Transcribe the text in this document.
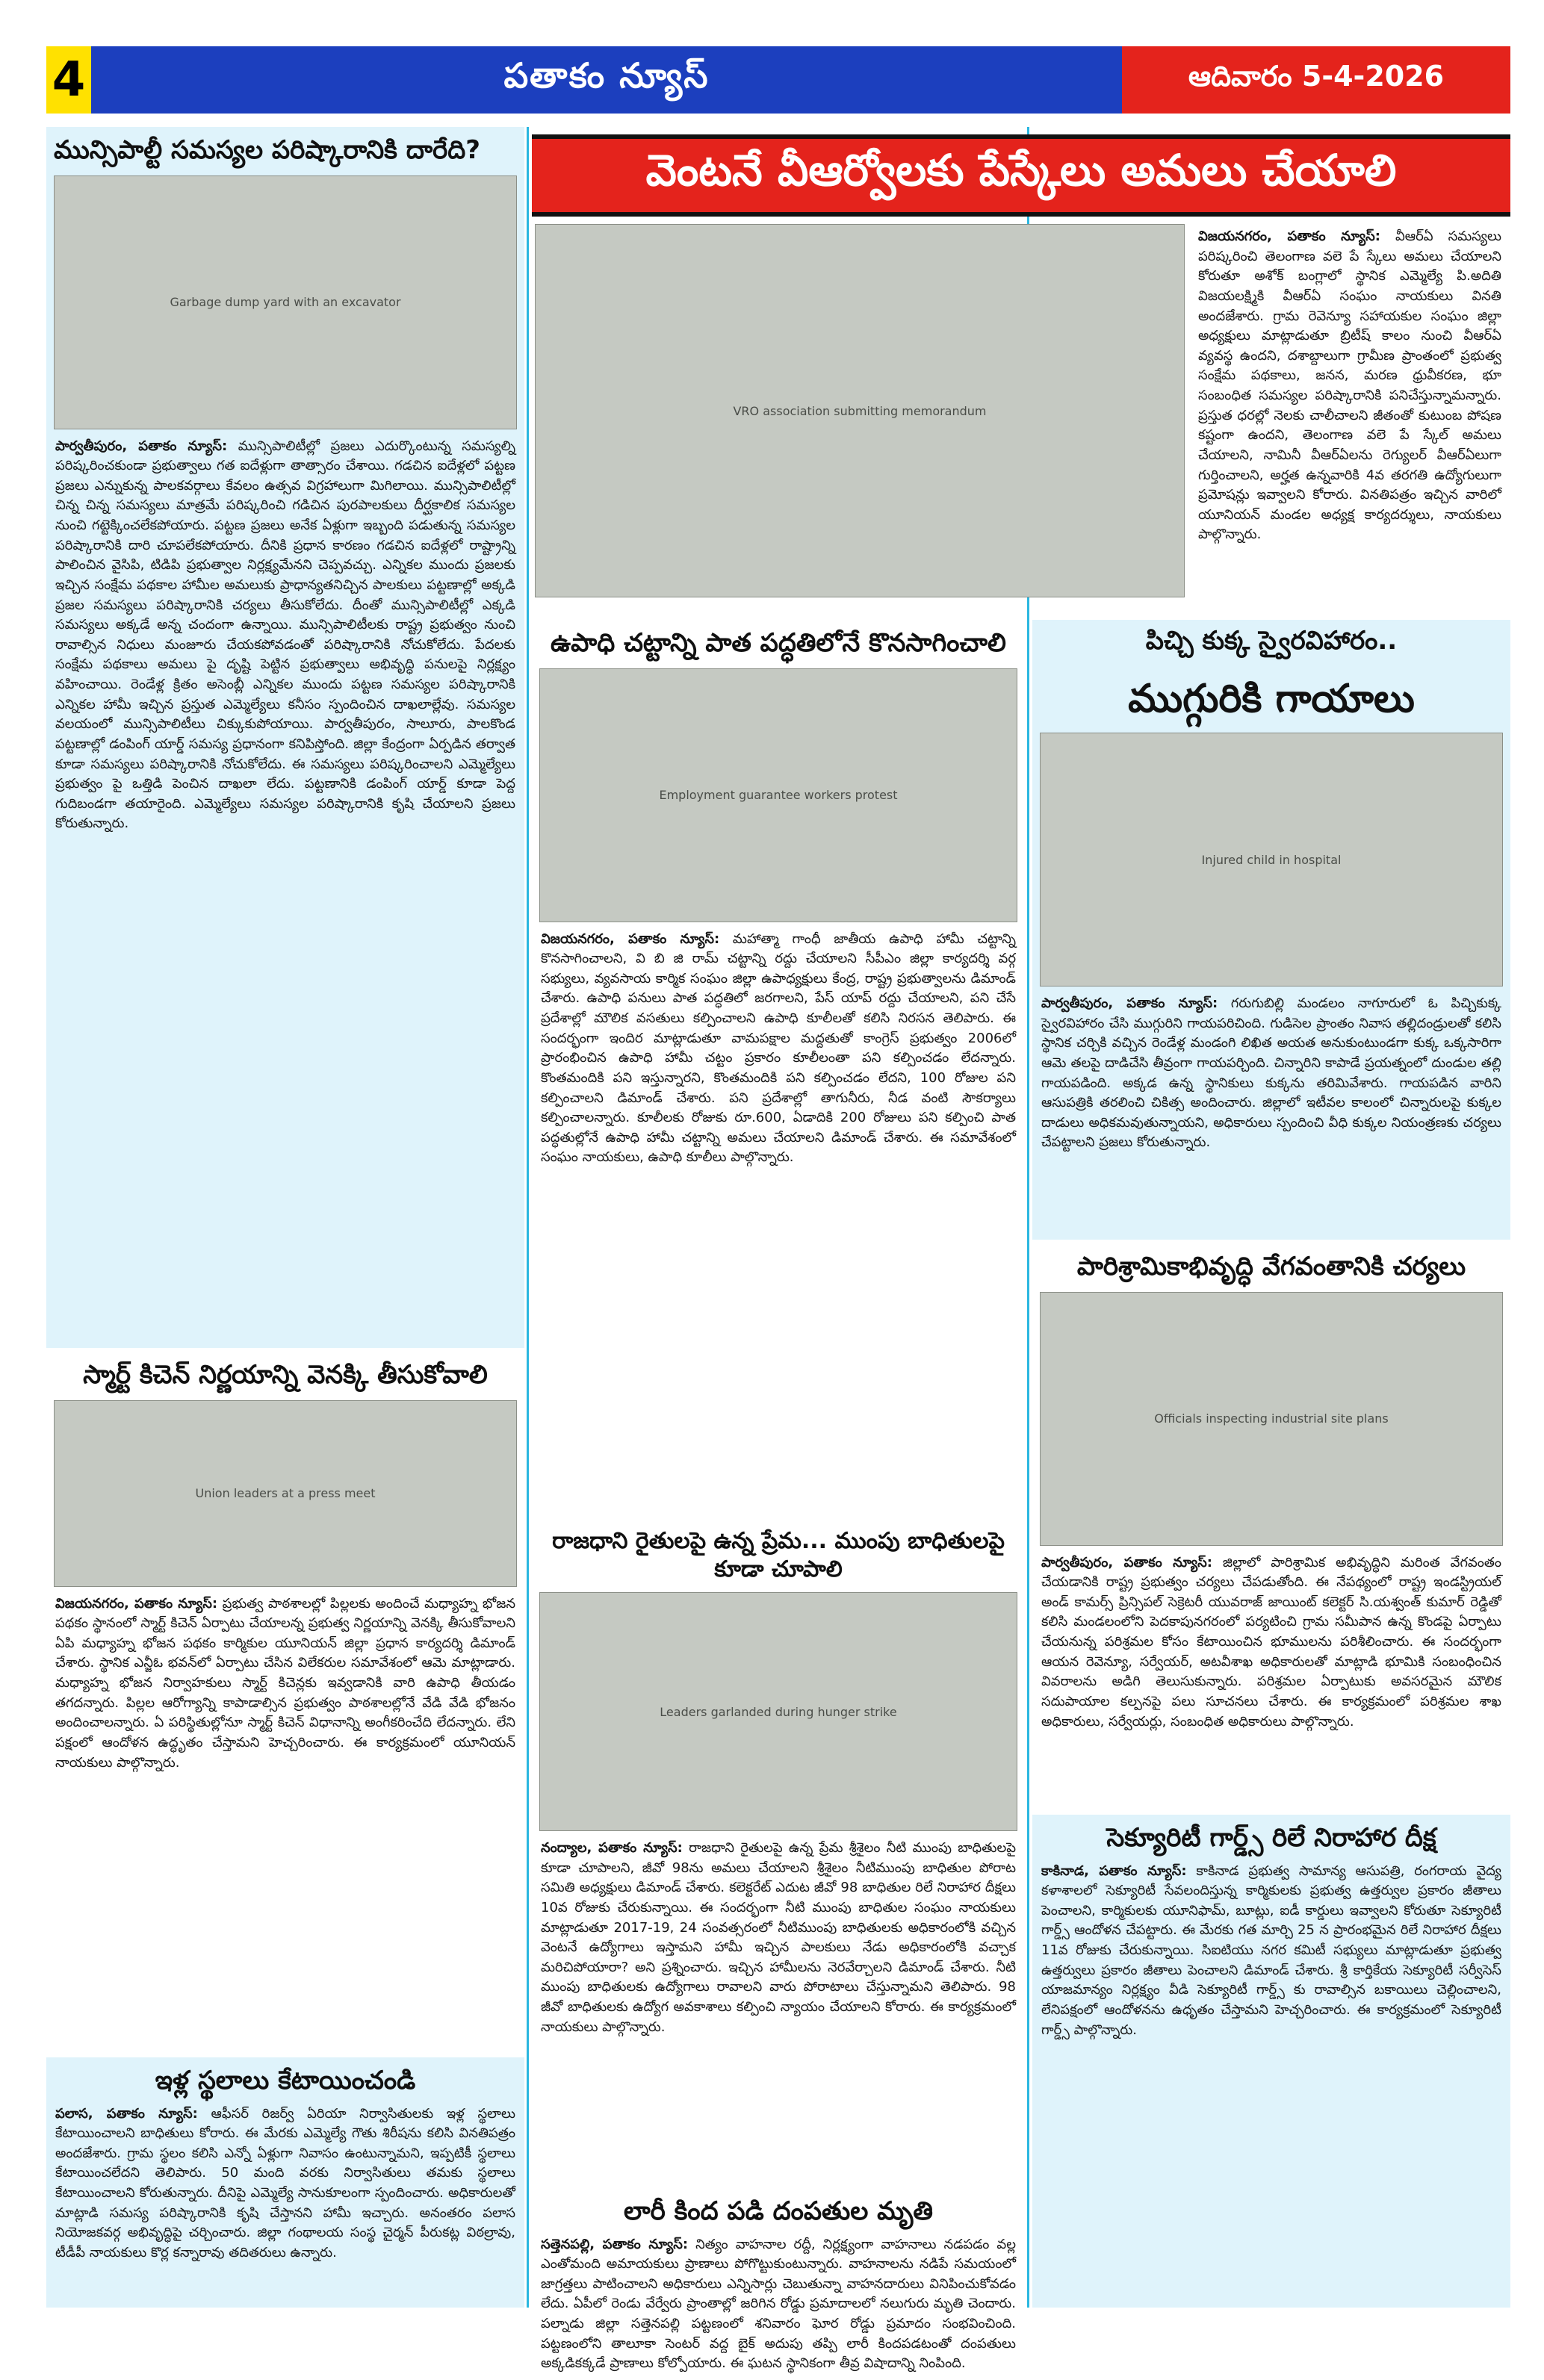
4	పతాకం న్యూస్	ఆదివారం 5-4-2026
మున్సిపాల్టీ సమస్యల పరిష్కారానికి దారేది?
Garbage dump yard with an excavator
పార్వతీపురం, పతాకం న్యూస్: మున్సిపాలిటీల్లో ప్రజలు ఎదుర్కొంటున్న సమస్యల్ని పరిష్కరించకుండా ప్రభుత్వాలు గత ఐదేళ్లుగా తాత్సారం చేశాయి. గడచిన ఐదేళ్లలో పట్టణ ప్రజలు ఎన్నుకున్న పాలకవర్గాలు కేవలం ఉత్సవ విగ్రహాలుగా మిగిలాయి. మున్సిపాలిటీల్లో చిన్న చిన్న సమస్యలు మాత్రమే పరిష్కరించి గడిచిన పురపాలకులు దీర్ఘకాలిక సమస్యల నుంచి గట్టెక్కించలేకపోయారు. పట్టణ ప్రజలు అనేక ఏళ్లుగా ఇబ్బంది పడుతున్న సమస్యల పరిష్కారానికి దారి చూపలేకపోయారు. దీనికి ప్రధాన కారణం గడచిన ఐదేళ్లలో రాష్ట్రాన్ని పాలించిన వైసిపి, టిడిపి ప్రభుత్వాల నిర్లక్ష్యమేనని చెప్పవచ్చు. ఎన్నికల ముందు ప్రజలకు ఇచ్చిన సంక్షేమ పథకాల హామీల అమలుకు ప్రాధాన్యతనిచ్చిన పాలకులు పట్టణాల్లో అక్కడి ప్రజల సమస్యలు పరిష్కారానికి చర్యలు తీసుకోలేదు. దీంతో మున్సిపాలిటీల్లో ఎక్కడి సమస్యలు అక్కడే అన్న చందంగా ఉన్నాయి. మున్సిపాలిటీలకు రాష్ట్ర ప్రభుత్వం నుంచి రావాల్సిన నిధులు మంజూరు చేయకపోవడంతో పరిష్కారానికి నోచుకోలేదు. పేదలకు సంక్షేమ పథకాలు అమలు పై దృష్టి పెట్టిన ప్రభుత్వాలు అభివృద్ధి పనులపై నిర్లక్ష్యం వహించాయి. రెండేళ్ల క్రితం అసెంబ్లీ ఎన్నికల ముందు పట్టణ సమస్యల పరిష్కారానికి ఎన్నికల హామీ ఇచ్చిన ప్రస్తుత ఎమ్మెల్యేలు కనీసం స్పందించిన దాఖలాల్లేవు. సమస్యల వలయంలో మున్సిపాలిటీలు చిక్కుకుపోయాయి. పార్వతీపురం, సాలూరు, పాలకొండ పట్టణాల్లో డంపింగ్ యార్డ్ సమస్య ప్రధానంగా కనిపిస్తోంది. జిల్లా కేంద్రంగా ఏర్పడిన తర్వాత కూడా సమస్యలు పరిష్కారానికి నోచుకోలేదు. ఈ సమస్యలు పరిష్కరించాలని ఎమ్మెల్యేలు ప్రభుత్వం పై ఒత్తిడి పెంచిన దాఖలా లేదు. పట్టణానికి డంపింగ్ యార్డ్ కూడా పెద్ద గుదిబండగా తయారైంది. ఎమ్మెల్యేలు సమస్యల పరిష్కారానికి కృషి చేయాలని ప్రజలు కోరుతున్నారు.
స్మార్ట్ కిచెన్ నిర్ణయాన్ని వెనక్కి తీసుకోవాలి
Union leaders at a press meet
విజయనగరం, పతాకం న్యూస్: ప్రభుత్వ పాఠశాలల్లో పిల్లలకు అందించే మధ్యాహ్న భోజన పథకం స్థానంలో స్మార్ట్ కిచెన్ ఏర్పాటు చేయాలన్న ప్రభుత్వ నిర్ణయాన్ని వెనక్కి తీసుకోవాలని ఏపి మధ్యాహ్న భోజన పథకం కార్మికుల యూనియన్ జిల్లా ప్రధాన కార్యదర్శి డిమాండ్ చేశారు. స్థానిక ఎన్జీఓ భవన్‌లో ఏర్పాటు చేసిన విలేకరుల సమావేశంలో ఆమె మాట్లాడారు. మధ్యాహ్న భోజన నిర్వాహకులు స్మార్ట్ కిచెన్లకు ఇవ్వడానికి వారి ఉపాధి తీయడం తగదన్నారు. పిల్లల ఆరోగ్యాన్ని కాపాడాల్సిన ప్రభుత్వం పాఠశాలల్లోనే వేడి వేడి భోజనం అందించాలన్నారు. ఏ పరిస్థితుల్లోనూ స్మార్ట్ కిచెన్ విధానాన్ని అంగీకరించేది లేదన్నారు. లేని పక్షంలో ఆందోళన ఉద్ధృతం చేస్తామని హెచ్చరించారు. ఈ కార్యక్రమంలో యూనియన్ నాయకులు పాల్గొన్నారు.
ఇళ్ల స్థలాలు కేటాయించండి
పలాస, పతాకం న్యూస్: ఆఫీసర్ రిజర్వ్ ఏరియా నిర్వాసితులకు ఇళ్ల స్థలాలు కేటాయించాలని బాధితులు కోరారు. ఈ మేరకు ఎమ్మెల్యే గౌతు శిరీషను కలిసి వినతిపత్రం అందజేశారు. గ్రామ స్థలం కలిసి ఎన్నో ఏళ్లుగా నివాసం ఉంటున్నామని, ఇప్పటికీ స్థలాలు కేటాయించలేదని తెలిపారు. 50 మంది వరకు నిర్వాసితులు తమకు స్థలాలు కేటాయించాలని కోరుతున్నారు. దీనిపై ఎమ్మెల్యే సానుకూలంగా స్పందించారు. అధికారులతో మాట్లాడి సమస్య పరిష్కారానికి కృషి చేస్తానని హామీ ఇచ్చారు. అనంతరం పలాస నియోజకవర్గ అభివృద్ధిపై చర్చించారు. జిల్లా గంథాలయ సంస్థ చైర్మన్ పీరుకట్ల విఠల్రావు, టీడీపీ నాయకులు కొర్ల కన్నారావు తదితరులు ఉన్నారు.
వెంటనే వీఆర్వోలకు పేస్కేలు అమలు చేయాలి
VRO association submitting memorandum
విజయనగరం, పతాకం న్యూస్: వీఆర్ఏ సమస్యలు పరిష్కరించి తెలంగాణ వలె పే స్కేలు అమలు చేయాలని కోరుతూ అశోక్ బంగ్లాలో స్థానిక ఎమ్మెల్యే పి.అదితి విజయలక్ష్మికి వీఆర్ఏ సంఘం నాయకులు వినతి అందజేశారు. గ్రామ రెవెన్యూ సహాయకుల సంఘం జిల్లా అధ్యక్షులు మాట్లాడుతూ బ్రిటీష్ కాలం నుంచి వీఆర్ఏ వ్యవస్థ ఉందని, దశాబ్దాలుగా గ్రామీణ ప్రాంతంలో ప్రభుత్వ సంక్షేమ పథకాలు, జనన, మరణ ధ్రువీకరణ, భూ సంబంధిత సమస్యల పరిష్కారానికి పనిచేస్తున్నామన్నారు. ప్రస్తుత ధరల్లో నెలకు చాలీచాలని జీతంతో కుటుంబ పోషణ కష్టంగా ఉందని, తెలంగాణ వలె పే స్కేల్ అమలు చేయాలని, నామినీ వీఆర్ఏలను రెగ్యులర్ వీఆర్ఏలుగా గుర్తించాలని, అర్హత ఉన్నవారికి 4వ తరగతి ఉద్యోగులుగా ప్రమోషన్లు ఇవ్వాలని కోరారు. వినతిపత్రం ఇచ్చిన వారిలో యూనియన్ మండల అధ్యక్ష కార్యదర్శులు, నాయకులు పాల్గొన్నారు.
ఉపాధి చట్టాన్ని పాత పద్ధతిలోనే కొనసాగించాలి
Employment guarantee workers protest
విజయనగరం, పతాకం న్యూస్: మహాత్మా గాంధీ జాతీయ ఉపాధి హామీ చట్టాన్ని కొనసాగించాలని, వి బి జి రామ్ చట్టాన్ని రద్దు చేయాలని సీపీఎం జిల్లా కార్యదర్శి వర్గ సభ్యులు, వ్యవసాయ కార్మిక సంఘం జిల్లా ఉపాధ్యక్షులు కేంద్ర, రాష్ట్ర ప్రభుత్వాలను డిమాండ్ చేశారు. ఉపాధి పనులు పాత పద్ధతిలో జరగాలని, పేస్ యాప్ రద్దు చేయాలని, పని చేసే ప్రదేశాల్లో మౌలిక వసతులు కల్పించాలని ఉపాధి కూలీలతో కలిసి నిరసన తెలిపారు. ఈ సందర్భంగా ఇందిర మాట్లాడుతూ వామపక్షాల మద్దతుతో కాంగ్రెస్ ప్రభుత్వం 2006లో ప్రారంభించిన ఉపాధి హామీ చట్టం ప్రకారం కూలీలంతా పని కల్పించడం లేదన్నారు. కొంతమందికి పని ఇస్తున్నారని, కొంతమందికి పని కల్పించడం లేదని, 100 రోజుల పని కల్పించాలని డిమాండ్ చేశారు. పని ప్రదేశాల్లో తాగునీరు, నీడ వంటి సౌకర్యాలు కల్పించాలన్నారు. కూలీలకు రోజుకు రూ.600, ఏడాదికి 200 రోజులు పని కల్పించి పాత పద్ధతుల్లోనే ఉపాధి హామీ చట్టాన్ని అమలు చేయాలని డిమాండ్ చేశారు. ఈ సమావేశంలో సంఘం నాయకులు, ఉపాధి కూలీలు పాల్గొన్నారు.
రాజధాని రైతులపై ఉన్న ప్రేమ... ముంపు బాధితులపై కూడా చూపాలి
Leaders garlanded during hunger strike
నంద్యాల, పతాకం న్యూస్: రాజధాని రైతులపై ఉన్న ప్రేమ శ్రీశైలం నీటి ముంపు బాధితులపై కూడా చూపాలని, జీవో 98ను అమలు చేయాలని శ్రీశైలం నీటిముంపు బాధితుల పోరాట సమితి అధ్యక్షులు డిమాండ్ చేశారు. కలెక్టరేట్ ఎదుట జీవో 98 బాధితుల రిలే నిరాహార దీక్షలు 10వ రోజుకు చేరుకున్నాయి. ఈ సందర్భంగా నీటి ముంపు బాధితుల సంఘం నాయకులు మాట్లాడుతూ 2017-19, 24 సంవత్సరంలో నీటిముంపు బాధితులకు అధికారంలోకి వచ్చిన వెంటనే ఉద్యోగాలు ఇస్తామని హామీ ఇచ్చిన పాలకులు నేడు అధికారంలోకి వచ్చాక మరిచిపోయారా? అని ప్రశ్నించారు. ఇచ్చిన హామీలను నెరవేర్చాలని డిమాండ్ చేశారు. నీటి ముంపు బాధితులకు ఉద్యోగాలు రావాలని వారు పోరాటాలు చేస్తున్నామని తెలిపారు. 98 జీవో బాధితులకు ఉద్యోగ అవకాశాలు కల్పించి న్యాయం చేయాలని కోరారు. ఈ కార్యక్రమంలో నాయకులు పాల్గొన్నారు.
లారీ కింద పడి దంపతుల మృతి
సత్తెనపల్లి, పతాకం న్యూస్: నిత్యం వాహనాల రద్దీ, నిర్లక్ష్యంగా వాహనాలు నడపడం వల్ల ఎంతోమంది అమాయకులు ప్రాణాలు పోగొట్టుకుంటున్నారు. వాహనాలను నడిపే సమయంలో జాగ్రత్తలు పాటించాలని అధికారులు ఎన్నిసార్లు చెబుతున్నా వాహనదారులు వినిపించుకోవడం లేదు. ఏపీలో రెండు వేర్వేరు ప్రాంతాల్లో జరిగిన రోడ్డు ప్రమాదాలలో నలుగురు మృతి చెందారు. పల్నాడు జిల్లా సత్తెనపల్లి పట్టణంలో శనివారం ఘోర రోడ్డు ప్రమాదం సంభవించింది. పట్టణంలోని తాలూకా సెంటర్ వద్ద బైక్ అదుపు తప్పి లారీ కిందపడటంతో దంపతులు అక్కడికక్కడే ప్రాణాలు కోల్పోయారు. ఈ ఘటన స్థానికంగా తీవ్ర విషాదాన్ని నింపింది.
పిచ్చి కుక్క స్వైరవిహారం..
ముగ్గురికి గాయాలు
Injured child in hospital
పార్వతీపురం, పతాకం న్యూస్: గరుగుబిల్లి మండలం నాగూరులో ఓ పిచ్చికుక్క స్వైరవిహారం చేసి ముగ్గురిని గాయపరిచింది. గుడిసెల ప్రాంతం నివాస తల్లిదండ్రులతో కలిసి స్థానిక చర్చికి వచ్చిన రెండేళ్ల మండంగి లిఖిత అయత అనుకుంటుండగా కుక్క ఒక్కసారిగా ఆమె తలపై దాడిచేసి తీవ్రంగా గాయపర్చింది. చిన్నారిని కాపాడే ప్రయత్నంలో దుండుల తల్లి గాయపడింది. అక్కడ ఉన్న స్థానికులు కుక్కను తరిమివేశారు. గాయపడిన వారిని ఆసుపత్రికి తరలించి చికిత్స అందించారు. జిల్లాలో ఇటీవల కాలంలో చిన్నారులపై కుక్కల దాడులు అధికమవుతున్నాయని, అధికారులు స్పందించి వీధి కుక్కల నియంత్రణకు చర్యలు చేపట్టాలని ప్రజలు కోరుతున్నారు.
పారిశ్రామికాభివృద్ధి వేగవంతానికి చర్యలు
Officials inspecting industrial site plans
పార్వతీపురం, పతాకం న్యూస్: జిల్లాలో పారిశ్రామిక అభివృద్ధిని మరింత వేగవంతం చేయడానికి రాష్ట్ర ప్రభుత్వం చర్యలు చేపడుతోంది. ఈ నేపథ్యంలో రాష్ట్ర ఇండస్ట్రియల్ అండ్ కామర్స్ ప్రిన్సిపల్ సెక్రెటరీ యువరాజ్ జాయింట్ కలెక్టర్ సి.యశ్వంత్ కుమార్ రెడ్డితో కలిసి మండలంలోని పెదకాపునగరంలో పర్యటించి గ్రామ సమీపాన ఉన్న కొండపై ఏర్పాటు చేయనున్న పరిశ్రమల కోసం కేటాయించిన భూములను పరిశీలించారు. ఈ సందర్భంగా ఆయన రెవెన్యూ, సర్వేయర్, అటవీశాఖ అధికారులతో మాట్లాడి భూమికి సంబంధించిన వివరాలను అడిగి తెలుసుకున్నారు. పరిశ్రమల ఏర్పాటుకు అవసరమైన మౌలిక సదుపాయాల కల్పనపై పలు సూచనలు చేశారు. ఈ కార్యక్రమంలో పరిశ్రమల శాఖ అధికారులు, సర్వేయర్లు, సంబంధిత అధికారులు పాల్గొన్నారు.
సెక్యూరిటీ గార్డ్స్ రిలే నిరాహార దీక్ష
కాకినాడ, పతాకం న్యూస్: కాకినాడ ప్రభుత్వ సామాన్య ఆసుపత్రి, రంగరాయ వైద్య కళాశాలలో సెక్యూరిటీ సేవలందిస్తున్న కార్మికులకు ప్రభుత్వ ఉత్తర్వుల ప్రకారం జీతాలు పెంచాలని, కార్మికులకు యూనిఫామ్, బూట్లు, ఐడీ కార్డులు ఇవ్వాలని కోరుతూ సెక్యూరిటీ గార్డ్స్ ఆందోళన చేపట్టారు. ఈ మేరకు గత మార్చి 25 న ప్రారంభమైన రిలే నిరాహార దీక్షలు 11వ రోజుకు చేరుకున్నాయి. సిఐటియు నగర కమిటీ సభ్యులు మాట్లాడుతూ ప్రభుత్వ ఉత్తర్వులు ప్రకారం జీతాలు పెంచాలని డిమాండ్ చేశారు. శ్రీ కార్తికేయ సెక్యూరిటీ సర్వీసెస్ యాజమాన్యం నిర్లక్ష్యం వీడి సెక్యూరిటీ గార్డ్స్ కు రావాల్సిన బకాయిలు చెల్లించాలని, లేనిపక్షంలో ఆందోళనను ఉధృతం చేస్తామని హెచ్చరించారు. ఈ కార్యక్రమంలో సెక్యూరిటీ గార్డ్స్ పాల్గొన్నారు.
